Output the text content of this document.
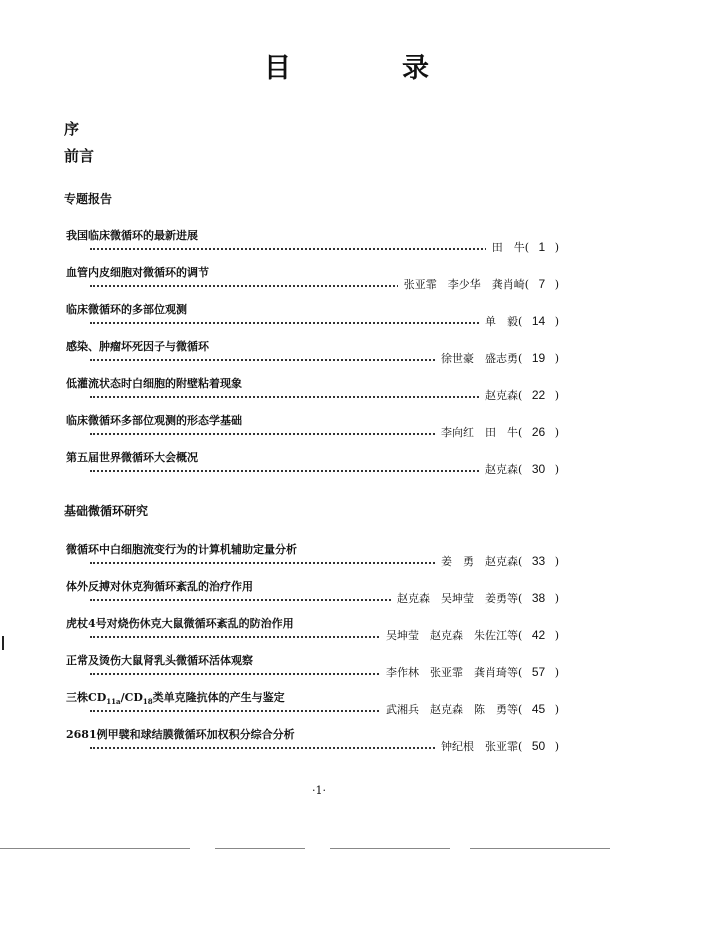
目　录
序
前言
专题报告
我国临床微循环的最新进展
田　牛( 1 )
血管内皮细胞对微循环的调节
张亚霏　李少华　龚肖崎( 7 )
临床微循环的多部位观测
单　毅( 14 )
感染、肿瘤坏死因子与微循环
徐世豪　盛志勇( 19 )
低灌流状态时白细胞的附壁粘着现象
赵克森( 22 )
临床微循环多部位观测的形态学基础
李向红　田　牛( 26 )
第五届世界微循环大会概况
赵克森( 30 )
基础微循环研究
微循环中白细胞流变行为的计算机辅助定量分析
姜　勇　赵克森( 33 )
体外反搏对休克狗循环紊乱的治疗作用
赵克森　吴坤莹　姜勇等( 38 )
虎杖4号对烧伤休克大鼠微循环紊乱的防治作用
吴坤莹　赵克森　朱佐江等( 42 )
正常及烫伤大鼠肾乳头微循环活体观察
李作林　张亚霏　龚肖琦等( 57 )
三株$CD_{11a}/CD_{18}$类单克隆抗体的产生与鉴定
武湘兵　赵克森　陈　勇等( 45 )
2681例甲襞和球结膜微循环加权积分综合分析
钟纪根　张亚霏( 50 )
·1·
